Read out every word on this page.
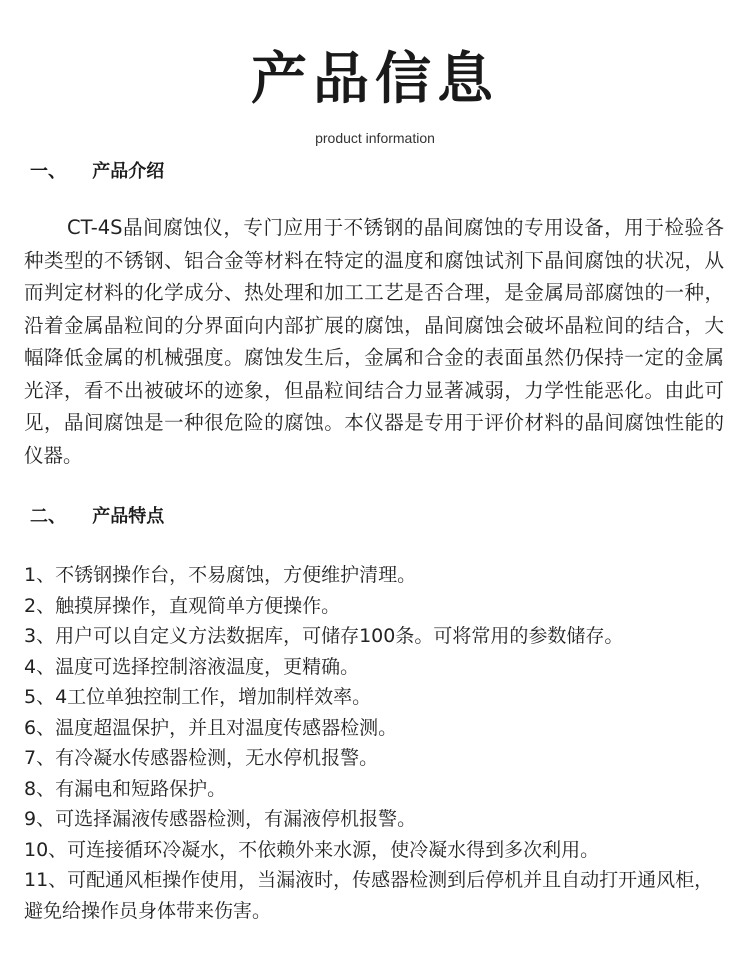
产品信息
product information
一、 产品介绍

CT-4S晶间腐蚀仪，专门应用于不锈钢的晶间腐蚀的专用设备，用于检验各种类型的不锈钢、铝合金等材料在特定的温度和腐蚀试剂下晶间腐蚀的状况，从而判定材料的化学成分、热处理和加工工艺是否合理，是金属局部腐蚀的一种，沿着金属晶粒间的分界面向内部扩展的腐蚀，晶间腐蚀会破坏晶粒间的结合，大幅降低金属的机械强度。腐蚀发生后，金属和合金的表面虽然仍保持一定的金属光泽，看不出被破坏的迹象，但晶粒间结合力显著减弱，力学性能恶化。由此可见，晶间腐蚀是一种很危险的腐蚀。本仪器是专用于评价材料的晶间腐蚀性能的仪器。

二、 产品特点
1、不锈钢操作台，不易腐蚀，方便维护清理。
2、触摸屏操作，直观简单方便操作。
3、用户可以自定义方法数据库，可储存100条。可将常用的参数储存。
4、温度可选择控制溶液温度，更精确。
5、4工位单独控制工作，增加制样效率。
6、温度超温保护，并且对温度传感器检测。
7、有冷凝水传感器检测，无水停机报警。
8、有漏电和短路保护。
9、可选择漏液传感器检测，有漏液停机报警。
10、可连接循环冷凝水，不依赖外来水源，使冷凝水得到多次利用。
11、可配通风柜操作使用，当漏液时，传感器检测到后停机并且自动打开通风柜，避免给操作员身体带来伤害。
